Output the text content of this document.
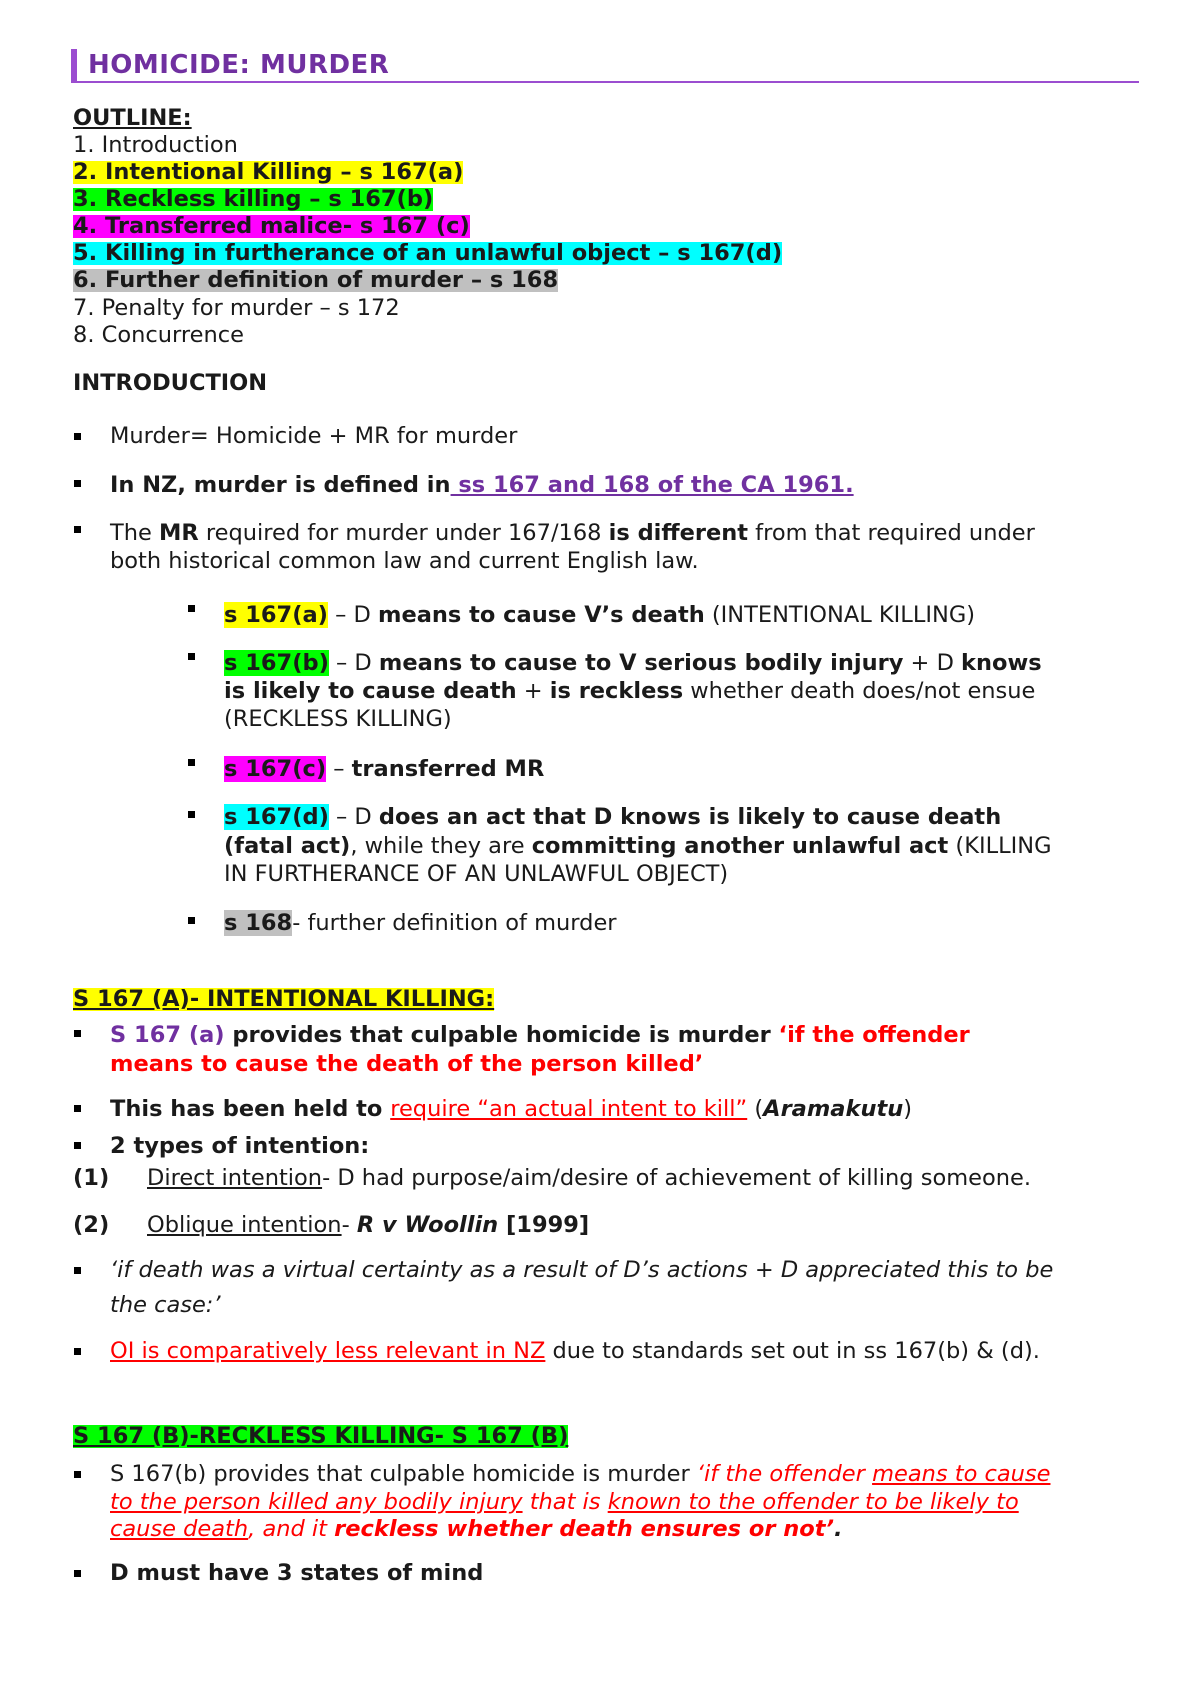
HOMICIDE: MURDER
OUTLINE:
1. Introduction
2. Intentional Killing – s 167(a)
3. Reckless killing – s 167(b)
4. Transferred malice- s 167 (c)
5. Killing in furtherance of an unlawful object – s 167(d)
6. Further definition of murder – s 168
7. Penalty for murder – s 172
8. Concurrence
INTRODUCTION
Murder= Homicide + MR for murder
In NZ, murder is defined in ss 167 and 168 of the CA 1961.
The MR required for murder under 167/168 is different from that required under
both historical common law and current English law.
s 167(a) – D means to cause V’s death (INTENTIONAL KILLING)
s 167(b) – D means to cause to V serious bodily injury + D knows
is likely to cause death + is reckless whether death does/not ensue
(RECKLESS KILLING)
s 167(c) – transferred MR
s 167(d) – D does an act that D knows is likely to cause death
(fatal act), while they are committing another unlawful act (KILLING
IN FURTHERANCE OF AN UNLAWFUL OBJECT)
s 168- further definition of murder
S 167 (A)- INTENTIONAL KILLING:
S 167 (a) provides that culpable homicide is murder ‘if the offender
means to cause the death of the person killed’
This has been held to require “an actual intent to kill” (Aramakutu)
2 types of intention:
(1) Direct intention- D had purpose/aim/desire of achievement of killing someone.
(2) Oblique intention- R v Woollin [1999]
‘if death was a virtual certainty as a result of D’s actions + D appreciated this to be
the case:’
OI is comparatively less relevant in NZ due to standards set out in ss 167(b) & (d).
S 167 (B)-RECKLESS KILLING- S 167 (B)
S 167(b) provides that culpable homicide is murder ‘if the offender means to cause
to the person killed any bodily injury that is known to the offender to be likely to
cause death, and it reckless whether death ensures or not’.
D must have 3 states of mind
